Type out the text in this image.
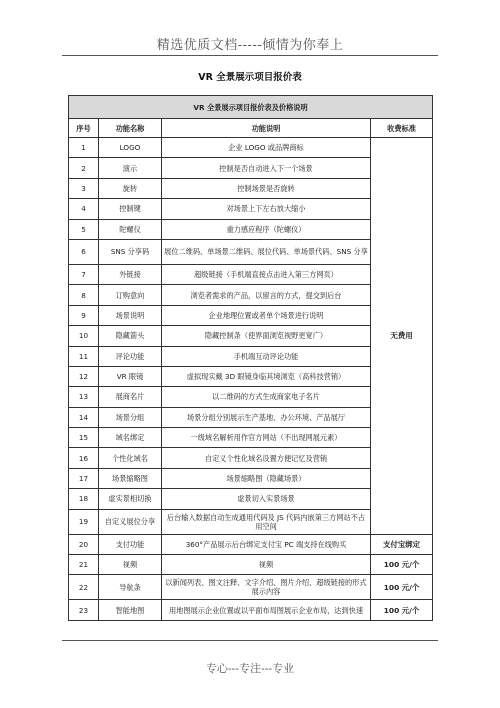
精选优质文档-----倾情为你奉上
VR 全景展示项目报价表
VR 全景展示项目报价表及价格说明			
序号	功能名称	功能说明	收费标准
1	LOGO	企业 LOGO 或品牌商标	无费用
2	演示	控制是否自动进入下一个场景	
3	旋转	控制场景是否旋转	
4	控制键	对场景上下左右放大缩小	
5	陀螺仪	重力感应程序（陀螺仪）	
6	SNS 分享码	展位二维码、单场景二维码、展位代码、单场景代码、SNS 分享	
7	外链接	超级链接（手机端直接点击进入第三方网页）	
8	订购意向	浏览者需求的产品，以留言的方式，提交到后台	
9	场景说明	企业地理位置或者单个场景进行说明	
10	隐藏箭头	隐藏控制条（使界面浏览视野更宽广）	
11	评论功能	手机端互动评论功能	
12	VR 眼镜	虚拟现实戴 3D 眼镜身临其境浏览（高科技营销）	
13	展商名片	以二维码的方式生成商家电子名片	
14	场景分组	场景分组分别展示生产基地、办公环境、产品展厅	
15	域名绑定	一级域名解析用作官方网站（不出现网展元素）	
16	个性化域名	自定义个性化域名设置方便记忆及营销	
17	场景缩略图	场景缩略图（隐藏场景）	
18	虚实景相切换	虚景切入实景场景	
19	自定义展位分享	后台输入数据自动生成通用代码及 JS 代码内嵌第三方网站不占用空间	
20	支付功能	360°产品展示后台绑定支付宝 PC 端支持在线购买	支付宝绑定
21	视频	视频	100 元/个
22	导航条	以新闻列表、图文注释、文字介绍、图片介绍、超级链接的形式展示内容	100 元/个
23	智能地图	用地图展示企业位置或以平面布局图展示企业布局，达到快速	100 元/个
专心---专注---专业
